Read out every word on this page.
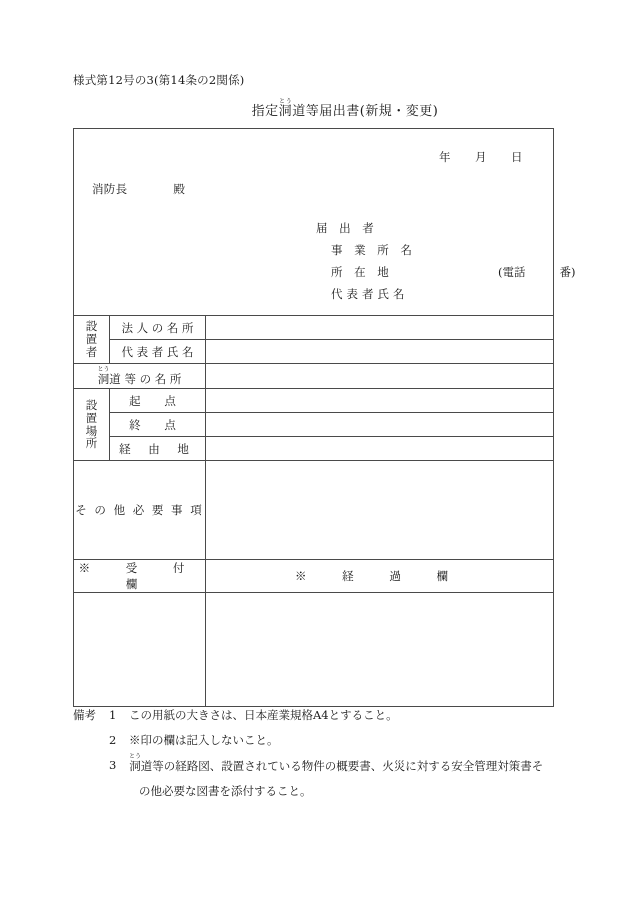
様式第12号の3(第14条の2関係)
指定洞とう道等届出書(新規・変更)
年 月 日
消防長	殿
届 出 者
事 業 所 名
所 在 地	(電話	番)
代表者氏名

設
置
者	法 人 の 名 所	
	代 表 者 氏 名	
洞とう道 等 の 名 所		

設
置
場
所	起 点	
	終 点	
	経 由 地	
そ の 他 必 要 事 項		
※ 受 付 欄		※ 経 過 欄

備考 1 この用紙の大きさは、日本産業規格A4とすること。
2 ※印の欄は記入しないこと。
3 洞とう道等の経路図、設置されている物件の概要書、火災に対する安全管理対策書そ
の他必要な図書を添付すること。
